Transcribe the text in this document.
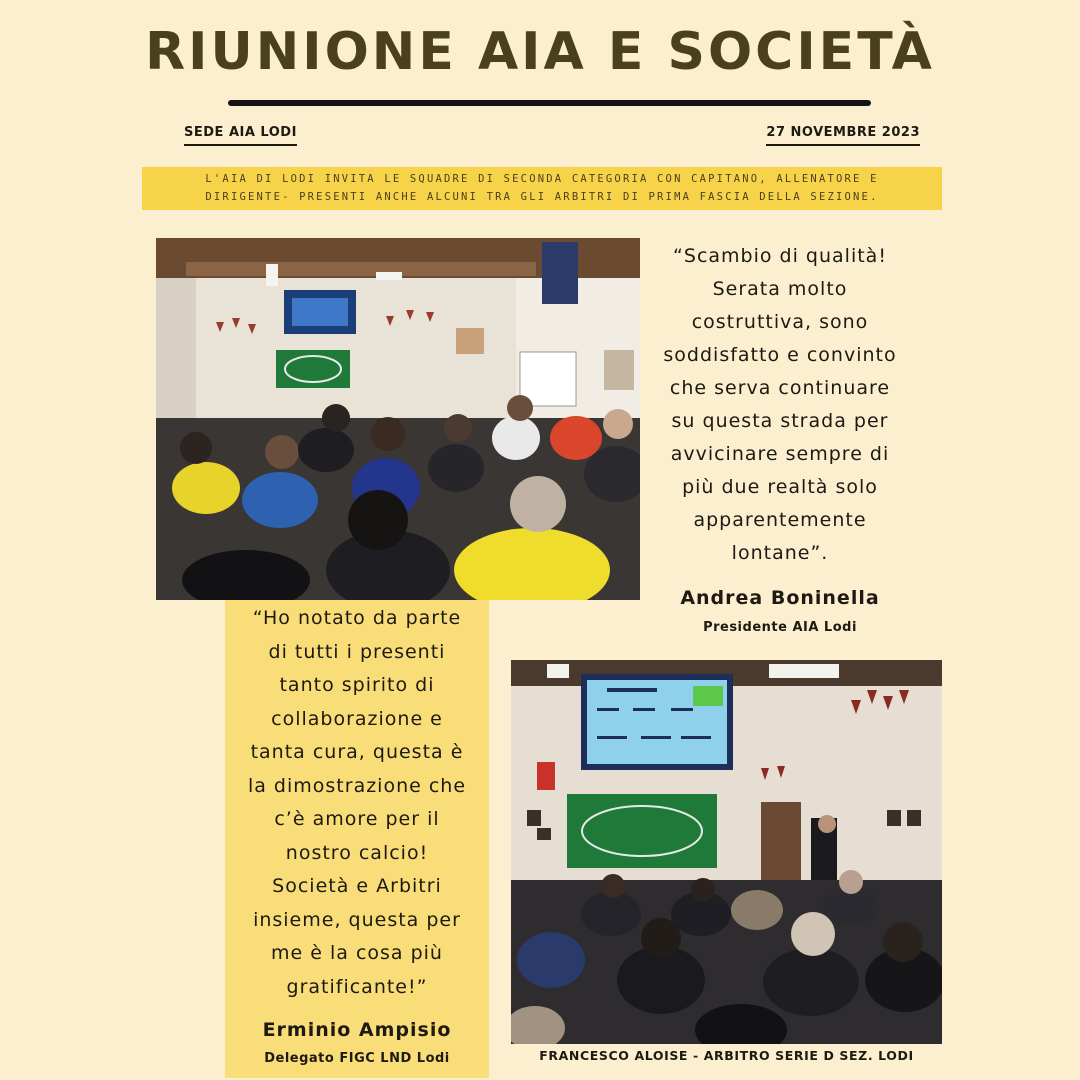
RIUNIONE AIA E SOCIETÀ
SEDE AIA LODI	27 NOVEMBRE 2023
L'AIA DI LODI INVITA LE SQUADRE DI SECONDA CATEGORIA CON CAPITANO, ALLENATORE E
DIRIGENTE- PRESENTI ANCHE ALCUNI TRA GLI ARBITRI DI PRIMA FASCIA DELLA SEZIONE.
“Scambio di qualità!
Serata molto
costruttiva, sono
soddisfatto e convinto
che serva continuare
su questa strada per
avvicinare sempre di
più due realtà solo
apparentemente
lontane”.
Andrea Boninella
Presidente AIA Lodi
“Ho notato da parte
di tutti i presenti
tanto spirito di
collaborazione e
tanta cura, questa è
la dimostrazione che
c’è amore per il
nostro calcio!
Società e Arbitri
insieme, questa per
me è la cosa più
gratificante!”
Erminio Ampisio
Delegato FIGC LND Lodi	FRANCESCO ALOISE - ARBITRO SERIE D SEZ. LODI
